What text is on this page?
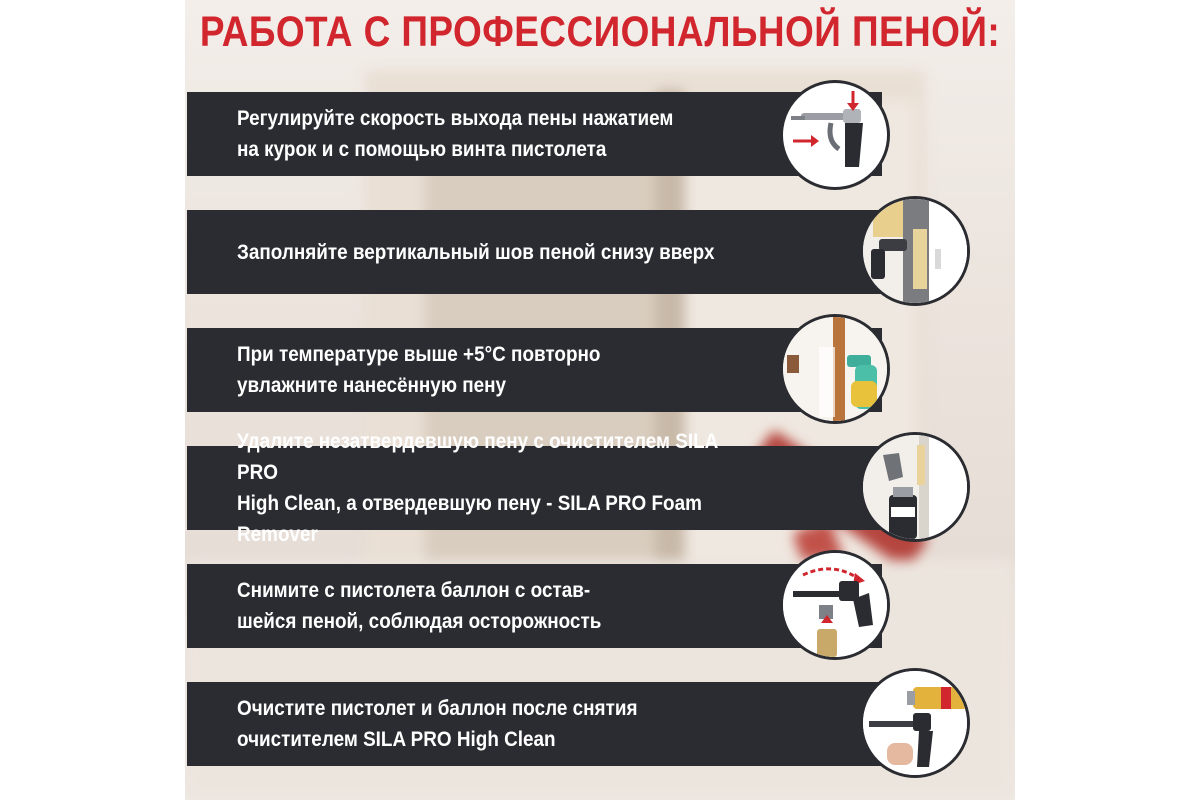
РАБОТА С ПРОФЕССИОНАЛЬНОЙ ПЕНОЙ:
Регулируйте скорость выхода пены нажатием
на курок и с помощью винта пистолета
Заполняйте вертикальный шов пеной снизу вверх
При температуре выше +5°С повторно
увлажните нанесённую пену
Удалите незатвердевшую пену с очистителем SILA PRO
High Clean, а отвердевшую пену - SILA PRO Foam Remover
Снимите с пистолета баллон с остав-
шейся пеной, соблюдая осторожность
Очистите пистолет и баллон после снятия
очистителем SILA PRO High Clean
